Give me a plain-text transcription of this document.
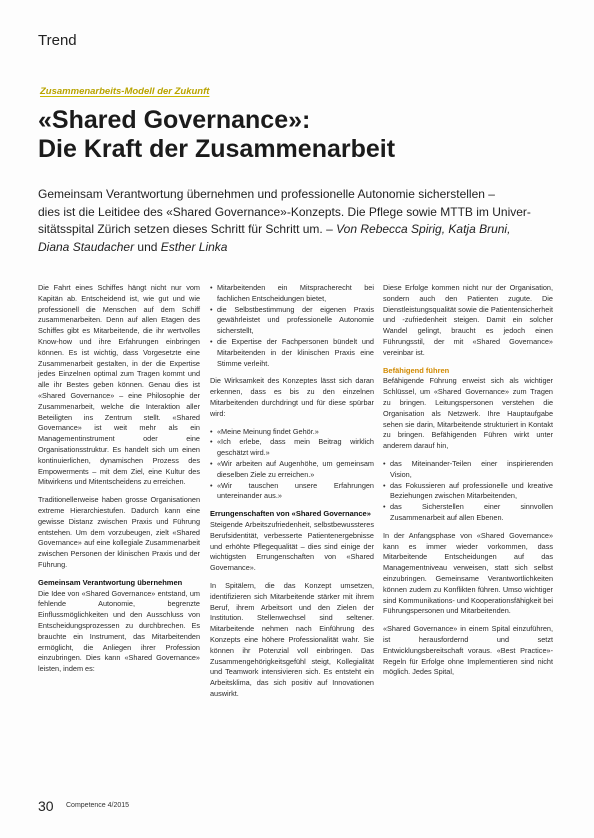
Trend
Zusammenarbeits-Modell der Zukunft
«Shared Governance»:
Die Kraft der Zusammenarbeit
Gemeinsam Verantwortung übernehmen und professionelle Autonomie sicherstellen –
dies ist die Leitidee des «Shared Governance»-Konzepts. Die Pflege sowie MTTB im Univer-
sitätsspital Zürich setzen dieses Schritt für Schritt um. – Von Rebecca Spirig, Katja Bruni,
Diana Staudacher und Esther Linka

Die Fahrt eines Schiffes hängt nicht nur vom Kapitän ab. Entscheidend ist, wie gut und wie professionell die Menschen auf dem Schiff zusammenarbeiten. Denn auf allen Etagen des Schiffes gibt es Mitarbeitende, die ihr wertvolles Know-how und ihre Erfahrungen einbringen können. Es ist wichtig, dass Vorgesetzte eine Zusammenarbeit gestalten, in der die Expertise jedes Einzelnen optimal zum Tragen kommt und alle ihr Bestes geben können. Genau dies ist «Shared Governance» – eine Philosophie der Zusammenarbeit, welche die Interaktion aller Beteiligten ins Zentrum stellt. «Shared Governance» ist weit mehr als ein Managementinstrument oder eine Organisationsstruktur. Es handelt sich um einen kontinuierlichen, dynamischen Prozess des Empowerments – mit dem Ziel, eine Kultur des Mitwirkens und Mitentscheidens zu erreichen.

Traditionellerweise haben grosse Organisationen extreme Hierarchiestufen. Dadurch kann eine gewisse Distanz zwischen Praxis und Führung entstehen. Um dem vorzubeugen, zielt «Shared Governance» auf eine kollegiale Zusammenarbeit zwischen Personen der klinischen Praxis und der Führung.

Gemeinsam Verantwortung übernehmen

Die Idee von «Shared Governance» entstand, um fehlende Autonomie, begrenzte Einflussmöglichkeiten und den Ausschluss von Entscheidungsprozessen zu durchbrechen. Es brauchte ein Instrument, das Mitarbeitenden ermöglicht, die Anliegen ihrer Profession einzubringen. Dies kann «Shared Governance» leisten, indem es:

• Mitarbeitenden ein Mitspracherecht bei fachlichen Entscheidungen bietet,
• die Selbstbestimmung der eigenen Praxis gewährleistet und professionelle Autonomie sicherstellt,
• die Expertise der Fachpersonen bündelt und Mitarbeitenden in der klinischen Praxis eine Stimme verleiht.

Die Wirksamkeit des Konzeptes lässt sich daran erkennen, dass es bis zu den einzelnen Mitarbeitenden durchdringt und für diese spürbar wird:

• «Meine Meinung findet Gehör.»
• «Ich erlebe, dass mein Beitrag wirklich geschätzt wird.»
• «Wir arbeiten auf Augenhöhe, um gemeinsam dieselben Ziele zu erreichen.»
• «Wir tauschen unsere Erfahrungen untereinander aus.»
Errungenschaften von «Shared Governance»

Steigende Arbeitszufriedenheit, selbstbewussteres Berufsidentität, verbesserte Patientenergebnisse und erhöhte Pflegequalität – dies sind einige der wichtigsten Errungenschaften von «Shared Governance».

In Spitälern, die das Konzept umsetzen, identifizieren sich Mitarbeitende stärker mit ihrem Beruf, ihrem Arbeitsort und den Zielen der Institution. Stellenwechsel sind seltener. Mitarbeitende nehmen nach Einführung des Konzepts eine höhere Professionalität wahr. Sie können ihr Potenzial voll einbringen. Das Zusammengehörigkeitsgefühl steigt, Kollegialität und Teamwork intensivieren sich. Es entsteht ein Arbeitsklima, das sich positiv auf Innovationen auswirkt.

Diese Erfolge kommen nicht nur der Organisation, sondern auch den Patienten zugute. Die Dienstleistungsqualität sowie die Patientensicherheit und -zufriedenheit steigen. Damit ein solcher Wandel gelingt, braucht es jedoch einen Führungsstil, der mit «Shared Governance» vereinbar ist.

Befähigend führen

Befähigende Führung erweist sich als wichtiger Schlüssel, um «Shared Governance» zum Tragen zu bringen. Leitungspersonen verstehen die Organisation als Netzwerk. Ihre Hauptaufgabe sehen sie darin, Mitarbeitende strukturiert in Kontakt zu bringen. Befähigenden Führen wirkt unter anderem darauf hin,

• das Miteinander-Teilen einer inspirierenden Vision,
• das Fokussieren auf professionelle und kreative Beziehungen zwischen Mitarbeitenden,
• das Sicherstellen einer sinnvollen Zusammenarbeit auf allen Ebenen.

In der Anfangsphase von «Shared Governance» kann es immer wieder vorkommen, dass Mitarbeitende Entscheidungen auf das Managementniveau verweisen, statt sich selbst einzubringen. Gemeinsame Verantwortlichkeiten können zudem zu Konflikten führen. Umso wichtiger sind Kommunikations- und Kooperationsfähigkeit bei Führungspersonen und Mitarbeitenden.

«Shared Governance» in einem Spital einzuführen, ist herausfordernd und setzt Entwicklungsbereitschaft voraus. «Best Practice»-Regeln für Erfolge ohne Implementieren sind nicht möglich. Jedes Spital,

30 Competence 4/2015
